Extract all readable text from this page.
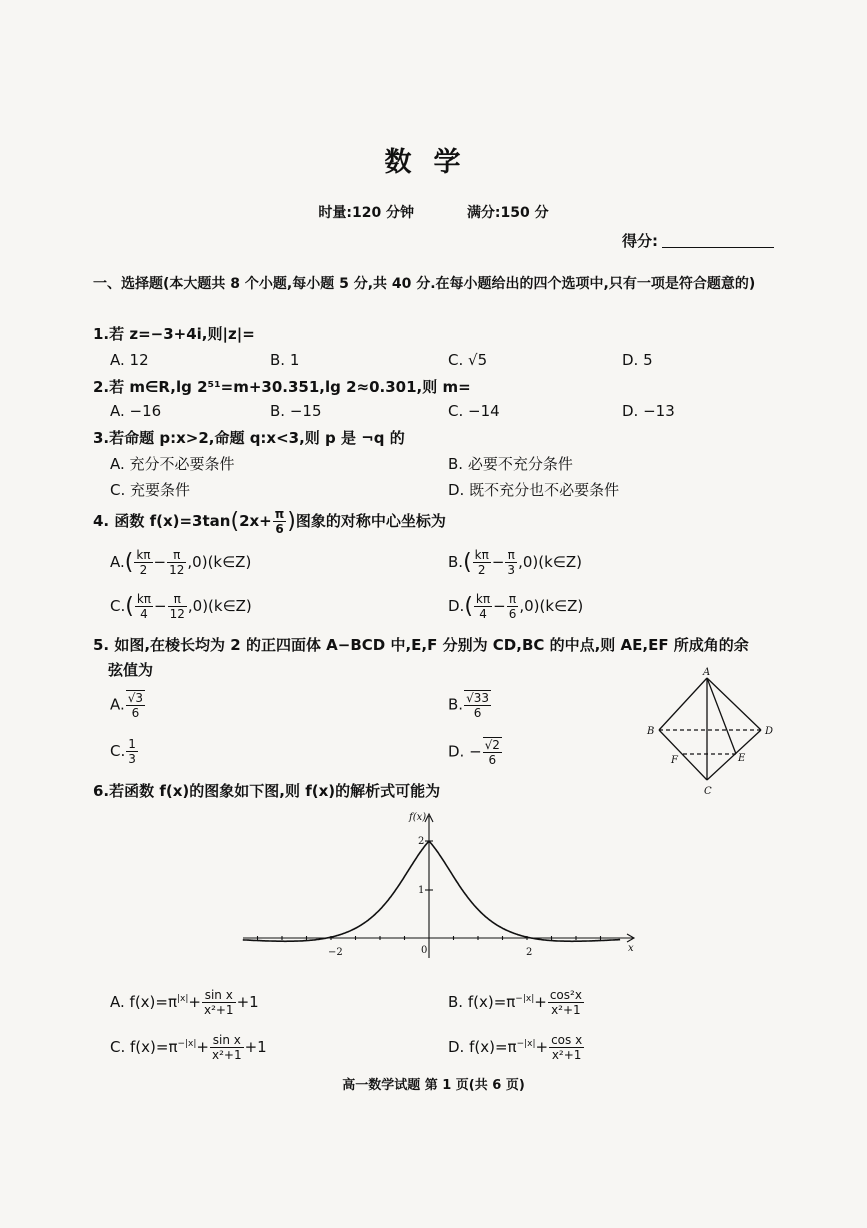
数学
时量:120 分钟	满分:150 分
得分:
一、选择题(本大题共 8 个小题,每小题 5 分,共 40 分.在每小题给出的四个选项中,只有一项是符合题意的)
1.若 z=−3+4i,则|z|=
A. 12	B. 1	C. √5	D. 5
2.若 m∈R,lg 2⁵¹=m+30.351,lg 2≈0.301,则 m=
A. −16	B. −15	C. −14	D. −13
3.若命题 p:x>2,命题 q:x<3,则 p 是 ¬q 的
A. 充分不必要条件	B. 必要不充分条件
C. 充要条件	D. 既不充分也不必要条件
4. 函数 $f(x)=3\tan(2x+ \frac{\pi}{6}$ )图象的对称中心坐标为
$A.( \frac{k\pi}{2} - \frac{\pi}{12}$ ,0)(k∈Z)	$B.( \frac{k\pi}{2} - \frac{\pi}{3}$ ,0)(k∈Z)
$C.( \frac{k\pi}{4} - \frac{\pi}{12}$ ,0)(k∈Z)	$D.( \frac{k\pi}{4} - \frac{\pi}{6}$ ,0)(k∈Z)
5. 如图,在棱长均为 2 的正四面体 A−BCD 中,E,F 分别为 CD,BC 的中点,则 AE,EF 所成角的余
弦值为
A. $\frac{√3}{6}$	B. $\frac{√33}{6}$
C. $\frac{1}{3}$	D. − $\frac{√2}{6}$
A
B	D
C
E
F
6.若函数 f(x)的图象如下图,则 f(x)的解析式可能为
f(x)
x
2
1
0
−2	2
A. $f(x)=\pi^{|x|}+ \frac{\text{sin x}}{\text{x²+1}} +1$	B. $f(x)=\pi^{-|x|}+ \frac{\text{cos²x}}{\text{x²+1}}$
C. $f(x)=\pi^{-|x|}+ \frac{\text{sin x}}{\text{x²+1}} +1$	D. $f(x)=\pi^{-|x|}+ \frac{\text{cos x}}{\text{x²+1}}$
高一数学试题 第 1 页(共 6 页)
